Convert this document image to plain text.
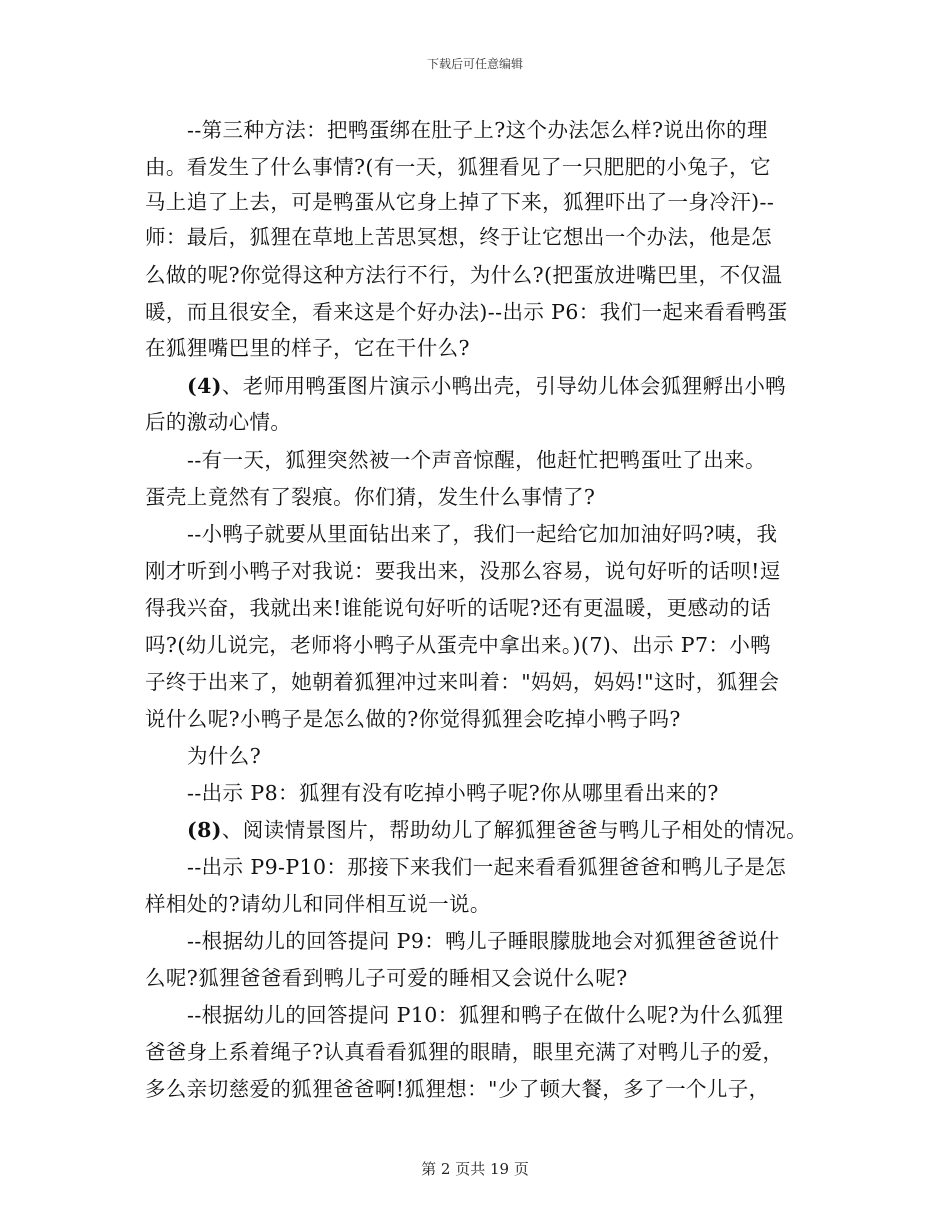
下载后可任意编辑
--第三种方法：把鸭蛋绑在肚子上?这个办法怎么样?说出你的理
由。看发生了什么事情?(有一天，狐狸看见了一只肥肥的小兔子，它
马上追了上去，可是鸭蛋从它身上掉了下来，狐狸吓出了一身冷汗)--
师：最后，狐狸在草地上苦思冥想，终于让它想出一个办法，他是怎
么做的呢?你觉得这种方法行不行，为什么?(把蛋放进嘴巴里，不仅温
暖，而且很安全，看来这是个好办法)--出示 P6：我们一起来看看鸭蛋
在狐狸嘴巴里的样子，它在干什么?
(4)、老师用鸭蛋图片演示小鸭出壳，引导幼儿体会狐狸孵出小鸭
后的激动心情。
--有一天，狐狸突然被一个声音惊醒，他赶忙把鸭蛋吐了出来。
蛋壳上竟然有了裂痕。你们猜，发生什么事情了?
--小鸭子就要从里面钻出来了，我们一起给它加加油好吗?咦，我
刚才听到小鸭子对我说：要我出来，没那么容易，说句好听的话呗!逗
得我兴奋，我就出来!谁能说句好听的话呢?还有更温暖，更感动的话
吗?(幼儿说完，老师将小鸭子从蛋壳中拿出来。)(7)、出示 P7：小鸭
子终于出来了，她朝着狐狸冲过来叫着："妈妈，妈妈!"这时，狐狸会
说什么呢?小鸭子是怎么做的?你觉得狐狸会吃掉小鸭子吗?
为什么?
--出示 P8：狐狸有没有吃掉小鸭子呢?你从哪里看出来的?
(8)、阅读情景图片，帮助幼儿了解狐狸爸爸与鸭儿子相处的情况。
--出示 P9-P10：那接下来我们一起来看看狐狸爸爸和鸭儿子是怎
样相处的?请幼儿和同伴相互说一说。
--根据幼儿的回答提问 P9：鸭儿子睡眼朦胧地会对狐狸爸爸说什
么呢?狐狸爸爸看到鸭儿子可爱的睡相又会说什么呢?
--根据幼儿的回答提问 P10：狐狸和鸭子在做什么呢?为什么狐狸
爸爸身上系着绳子?认真看看狐狸的眼睛，眼里充满了对鸭儿子的爱，
多么亲切慈爱的狐狸爸爸啊!狐狸想："少了顿大餐，多了一个儿子，
第 2 页共 19 页
